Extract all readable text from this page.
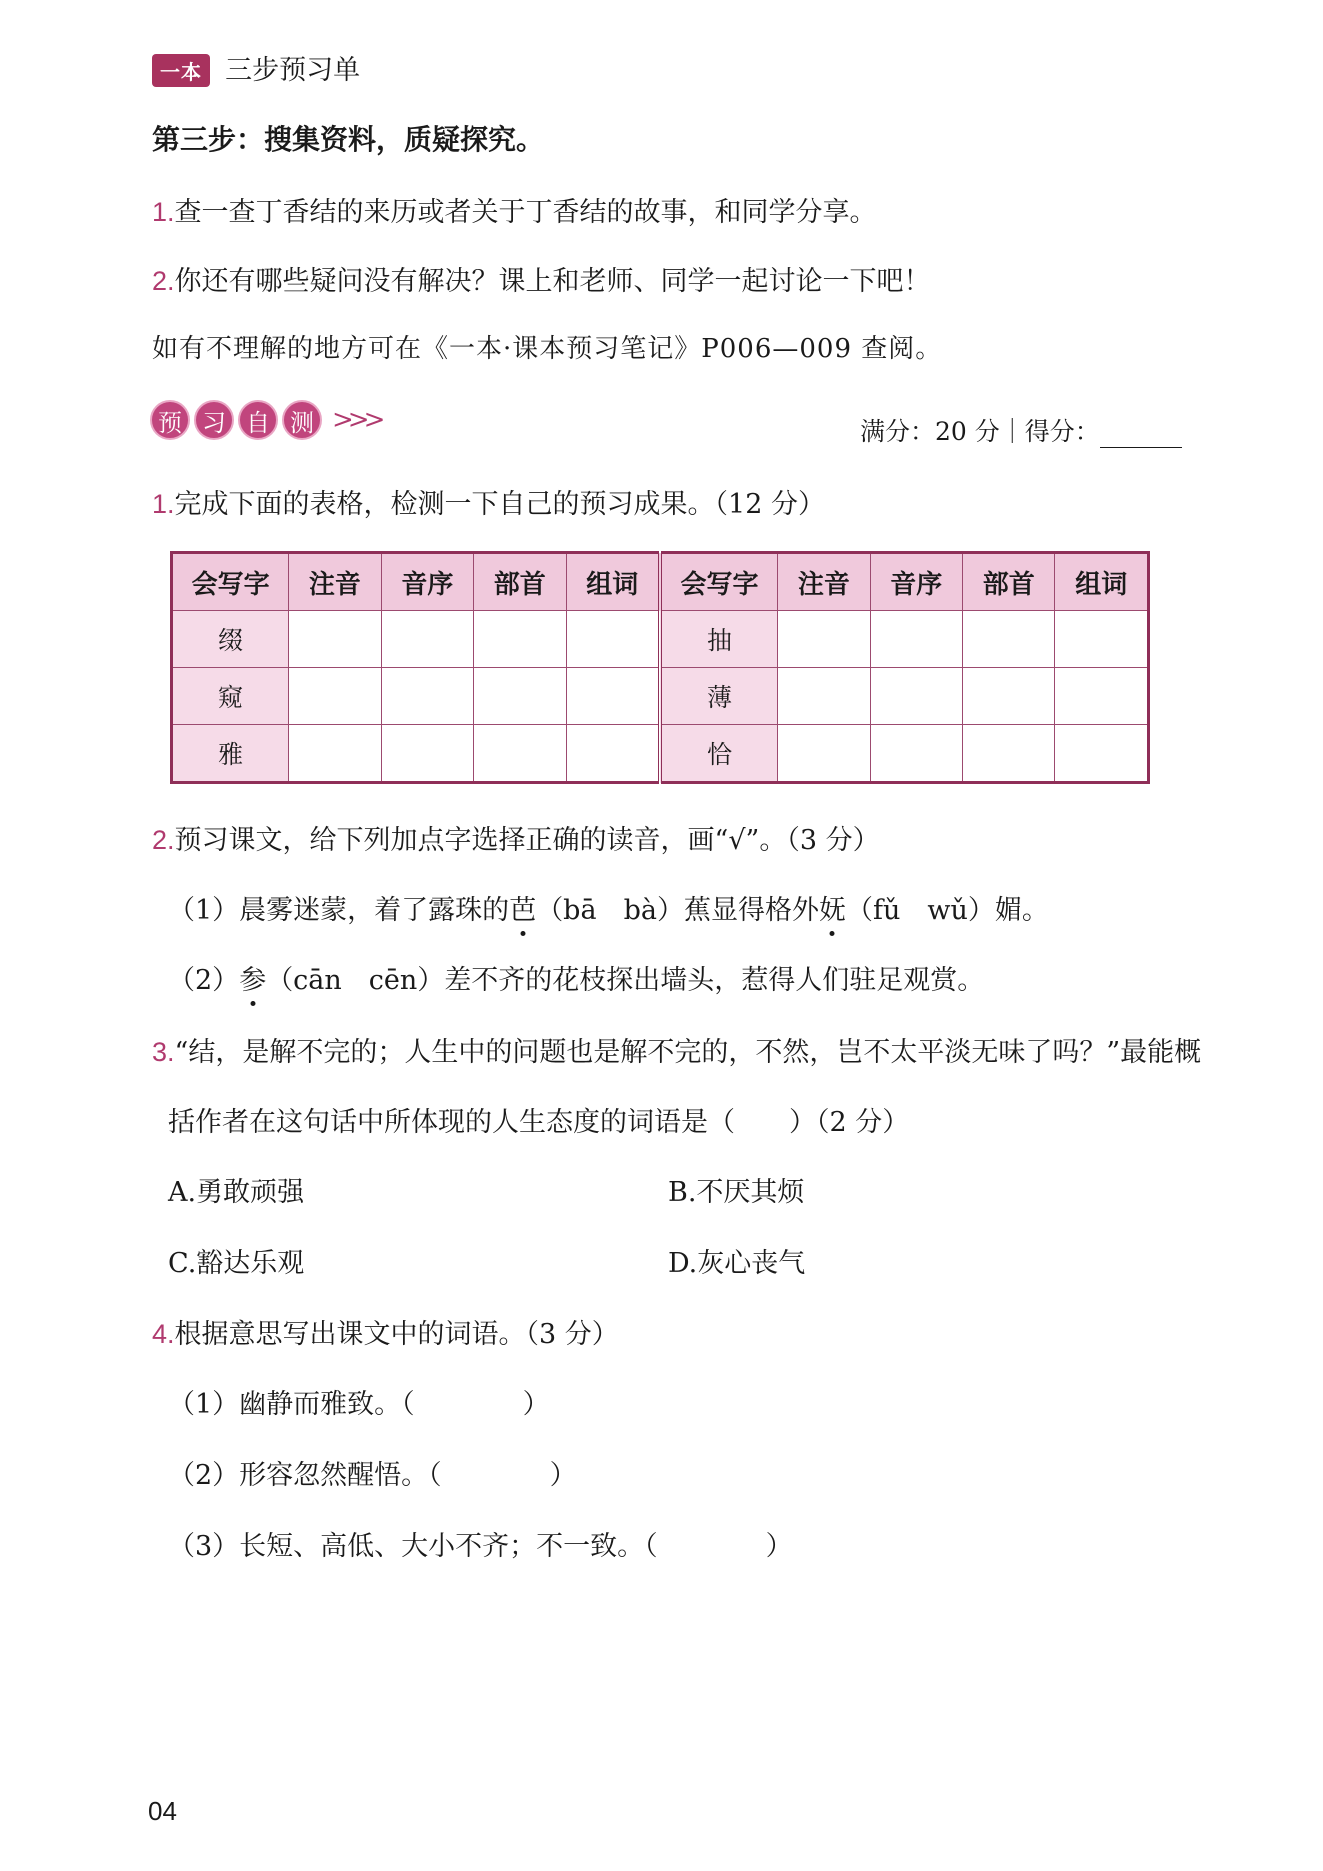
一本 三步预习单
第三步：搜集资料，质疑探究。
1.查一查丁香结的来历或者关于丁香结的故事，和同学分享。
2.你还有哪些疑问没有解决？课上和老师、同学一起讨论一下吧！
如有不理解的地方可在《一本·课本预习笔记》P006—009 查阅。
预 习 自 测 >>>	满分：20 分｜得分：
1.完成下面的表格，检测一下自己的预习成果。（12 分）
会写字	注音	音序	部首	组词	会写字	注音	音序	部首	组词
缀					抽				
窥					薄				
雅					恰				
2.预习课文，给下列加点字选择正确的读音，画“√”。（3 分）
（1）晨雾迷蒙，着了露珠的芭（bā　bà）蕉显得格外妩（fǔ　wǔ）媚。
（2）参（cān　cēn）差不齐的花枝探出墙头，惹得人们驻足观赏。
3.“结，是解不完的；人生中的问题也是解不完的，不然，岂不太平淡无味了吗？”最能概
括作者在这句话中所体现的人生态度的词语是（　　）（2 分）
A.勇敢顽强	B.不厌其烦
C.豁达乐观	D.灰心丧气
4.根据意思写出课文中的词语。（3 分）
（1）幽静而雅致。（　　　　）
（2）形容忽然醒悟。（　　　　）
（3）长短、高低、大小不齐；不一致。（　　　　）
04
